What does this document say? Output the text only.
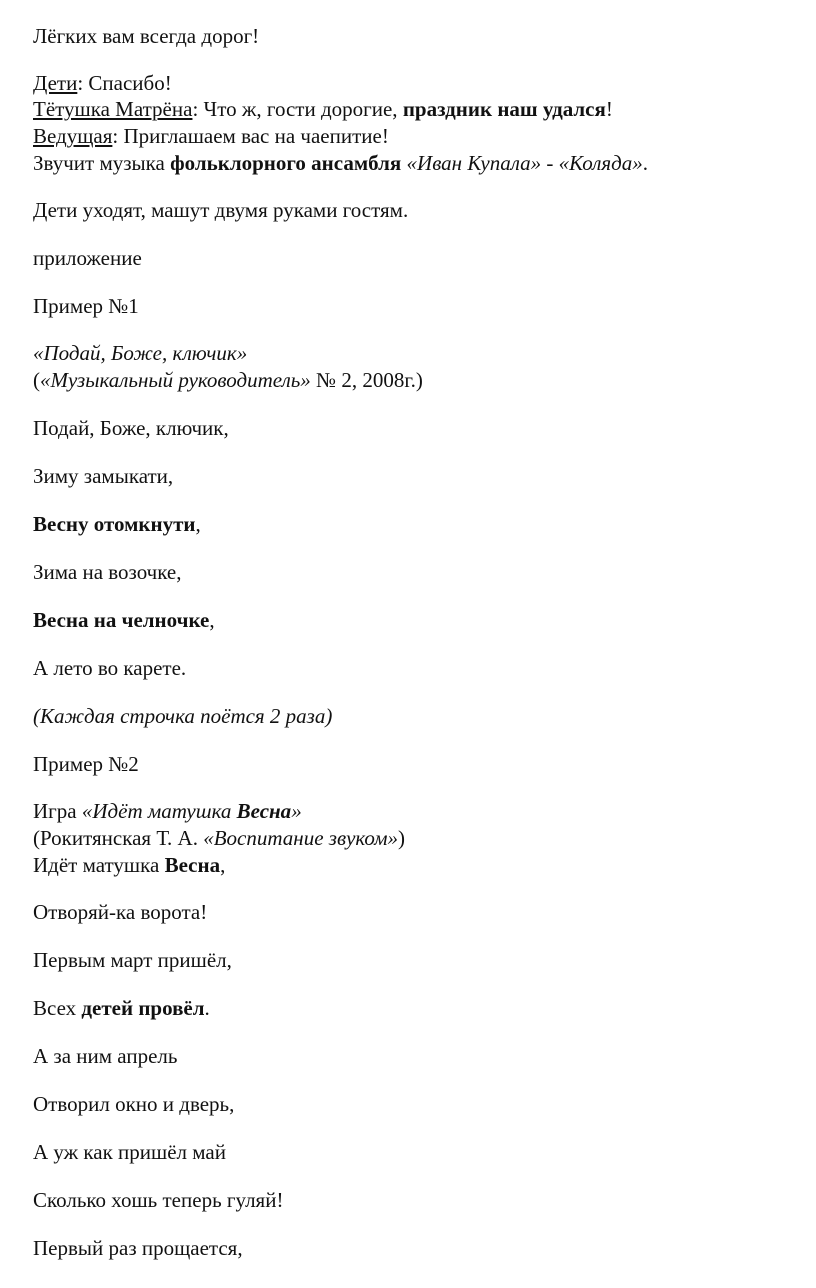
Лёгких вам всегда дорог!
Дети: Спасибо!
Тётушка Матрёна: Что ж, гости дорогие, праздник наш удался!
Ведущая: Приглашаем вас на чаепитие!
Звучит музыка фольклорного ансамбля «Иван Купала» - «Коляда».
Дети уходят, машут двумя руками гостям.
приложение
Пример №1
«Подай, Боже, ключик»
(«Музыкальный руководитель» № 2, 2008г.)
Подай, Боже, ключик,
Зиму замыкати,
Весну отомкнути,
Зима на возочке,
Весна на челночке,
А лето во карете.
(Каждая строчка поётся 2 раза)
Пример №2
Игра «Идёт матушка Весна»
(Рокитянская Т. А. «Воспитание звуком»)
Идёт матушка Весна,
Отворяй-ка ворота!
Первым март пришёл,
Всех детей провёл.
А за ним апрель
Отворил окно и дверь,
А уж как пришёл май
Сколько хошь теперь гуляй!
Первый раз прощается,
